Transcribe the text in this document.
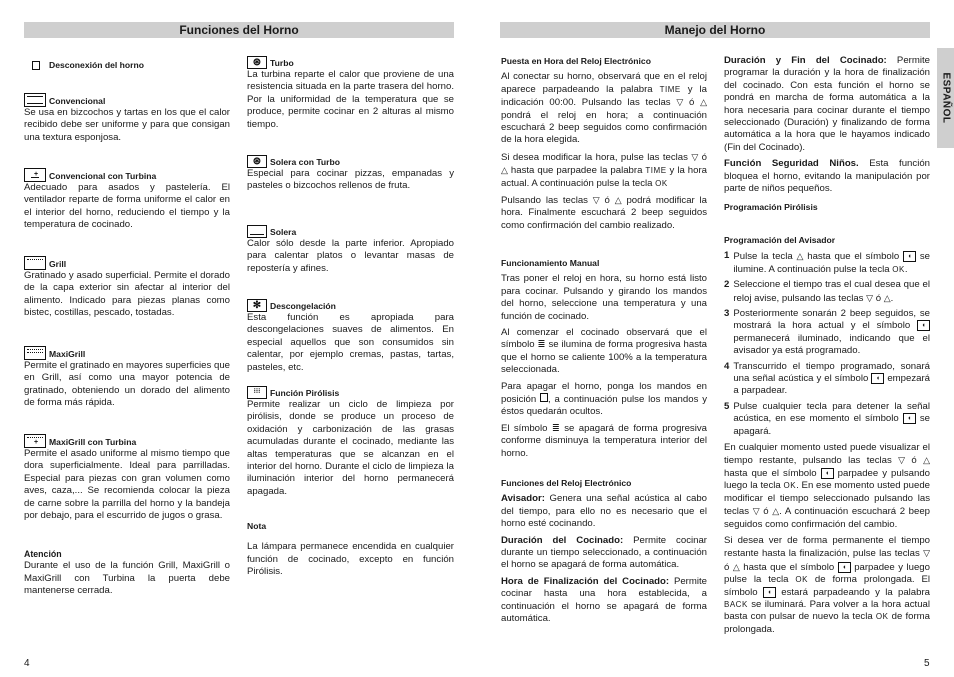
Funciones del Horno	Manejo del Horno
ESPAÑOL
Desconexión del horno
Convencional

Se usa en bizcochos y tartas en los que el calor recibido debe ser uniforme y para que consigan una textura esponjosa.

+ Convencional con Turbina

Adecuado para asados y pastelería. El ventilador reparte de forma uniforme el calor en el interior del horno, reduciendo el tiempo y la temperatura de cocinado.

Grill

Gratinado y asado superficial. Permite el dorado de la capa exterior sin afectar al interior del alimento. Indicado para piezas planas como bistec, costillas, pescado, tostadas.

MaxiGrill

Permite el gratinado en mayores superficies que en Grill, así como una mayor potencia de gratinado, obteniendo un dorado del alimento de forma más rápida.

+ MaxiGrill con Turbina

Permite el asado uniforme al mismo tiempo que dora superficialmente. Ideal para parrilladas. Especial para piezas con gran volumen como aves, caza,... Se recomienda colocar la pieza de carne sobre la parrilla del horno y la bandeja por debajo, para el escurrido de jugos o grasa.

Atención

Durante el uso de la función Grill, MaxiGrill o MaxiGrill con Turbina la puerta debe mantenerse cerrada.

⊛	Turbo

La turbina reparte el calor que proviene de una resistencia situada en la parte trasera del horno. Por la uniformidad de la temperatura que se produce, permite cocinar en 2 alturas al mismo tiempo.

⊛	Solera con Turbo

Especial para cocinar pizzas, empanadas y pasteles o bizcochos rellenos de fruta.

Solera

Calor sólo desde la parte inferior. Apropiado para calentar platos o levantar masas de repostería y afines.

✻	Descongelación

Esta función es apropiada para descongelaciones suaves de alimentos. En especial aquellos que son consumidos sin calentar, por ejemplo cremas, pastas, tartas, pasteles, etc.

⁝⁝⁝	Función Pirólisis

Permite realizar un ciclo de limpieza por pirólisis, donde se produce un proceso de oxidación y carbonización de las grasas acumuladas durante el cocinado, mediante las altas temperaturas que se alcanzan en el interior del horno. Durante el ciclo de limpieza la iluminación interior del horno permanecerá apagada.

Nota

La lámpara permanece encendida en cualquier función de cocinado, excepto en función Pirólisis.

Puesta en Hora del Reloj Electrónico

Al conectar su horno, observará que en el reloj aparece parpadeando la palabra TIME y la indicación 00:00. Pulsando las teclas ▽ ó △ pondrá el reloj en hora; a continuación escuchará 2 beep seguidos como confirmación de la hora elegida.

Si desea modificar la hora, pulse las teclas ▽ ó △ hasta que parpadee la palabra TIME y la hora actual. A continuación pulse la tecla OK

Pulsando las teclas ▽ ó △ podrá modificar la hora. Finalmente escuchará 2 beep seguidos como confirmación del cambio realizado.

Funcionamiento Manual

Tras poner el reloj en hora, su horno está listo para cocinar. Pulsando y girando los mandos del horno, seleccione una temperatura y una función de cocinado.

Al comenzar el cocinado observará que el símbolo ≣ se ilumina de forma progresiva hasta que el horno se caliente 100% a la temperatura seleccionada.

Para apagar el horno, ponga los mandos en posición , a continuación pulse los mandos y éstos quedarán ocultos.

El símbolo ≣ se apagará de forma progresiva conforme disminuya la temperatura interior del horno.

Funciones del Reloj Electrónico

Avisador: Genera una señal acústica al cabo del tiempo, para ello no es necesario que el horno esté cocinando.

Duración del Cocinado: Permite cocinar durante un tiempo seleccionado, a continuación el horno se apagará de forma automática.

Hora de Finalización del Cocinado: Permite cocinar hasta una hora establecida, a continuación el horno se apagará de forma automática.

Duración y Fin del Cocinado: Permite programar la duración y la hora de finalización del cocinado. Con esta función el horno se pondrá en marcha de forma automática a la hora necesaria para cocinar durante el tiempo seleccionado (Duración) y finalizando de forma automática a la hora que le hayamos indicado (Fin del Cocinado).

Función Seguridad Niños. Esta función bloquea el horno, evitando la manipulación por parte de niños pequeños.

Programación Pirólisis
Programación del Avisador
1 Pulse la tecla △ hasta que el símbolo ◖ se ilumine. A continuación pulse la tecla OK.
2 Seleccione el tiempo tras el cual desea que el reloj avise, pulsando las teclas ▽ ó △.
3 Posteriormente sonarán 2 beep seguidos, se mostrará la hora actual y el símbolo ◖ permanecerá iluminado, indicando que el avisador ya está programado.
4 Transcurrido el tiempo programado, sonará una señal acústica y el símbolo ◖ empezará a parpadear.
5 Pulse cualquier tecla para detener la señal acústica, en ese momento el símbolo ◖ se apagará.

En cualquier momento usted puede visualizar el tiempo restante, pulsando las teclas ▽ ó △ hasta que el símbolo ◖ parpadee y pulsando luego la tecla OK. En ese momento usted puede modificar el tiempo seleccionado pulsando las teclas ▽ ó △. A continuación escuchará 2 beep seguidos como confirmación del cambio.

Si desea ver de forma permanente el tiempo restante hasta la finalización, pulse las teclas ▽ ó △ hasta que el símbolo ◖ parpadee y luego pulse la tecla OK de forma prolongada. El símbolo ◖ estará parpadeando y la palabra BACK se iluminará. Para volver a la hora actual basta con pulsar de nuevo la tecla OK de forma prolongada.

4	5
